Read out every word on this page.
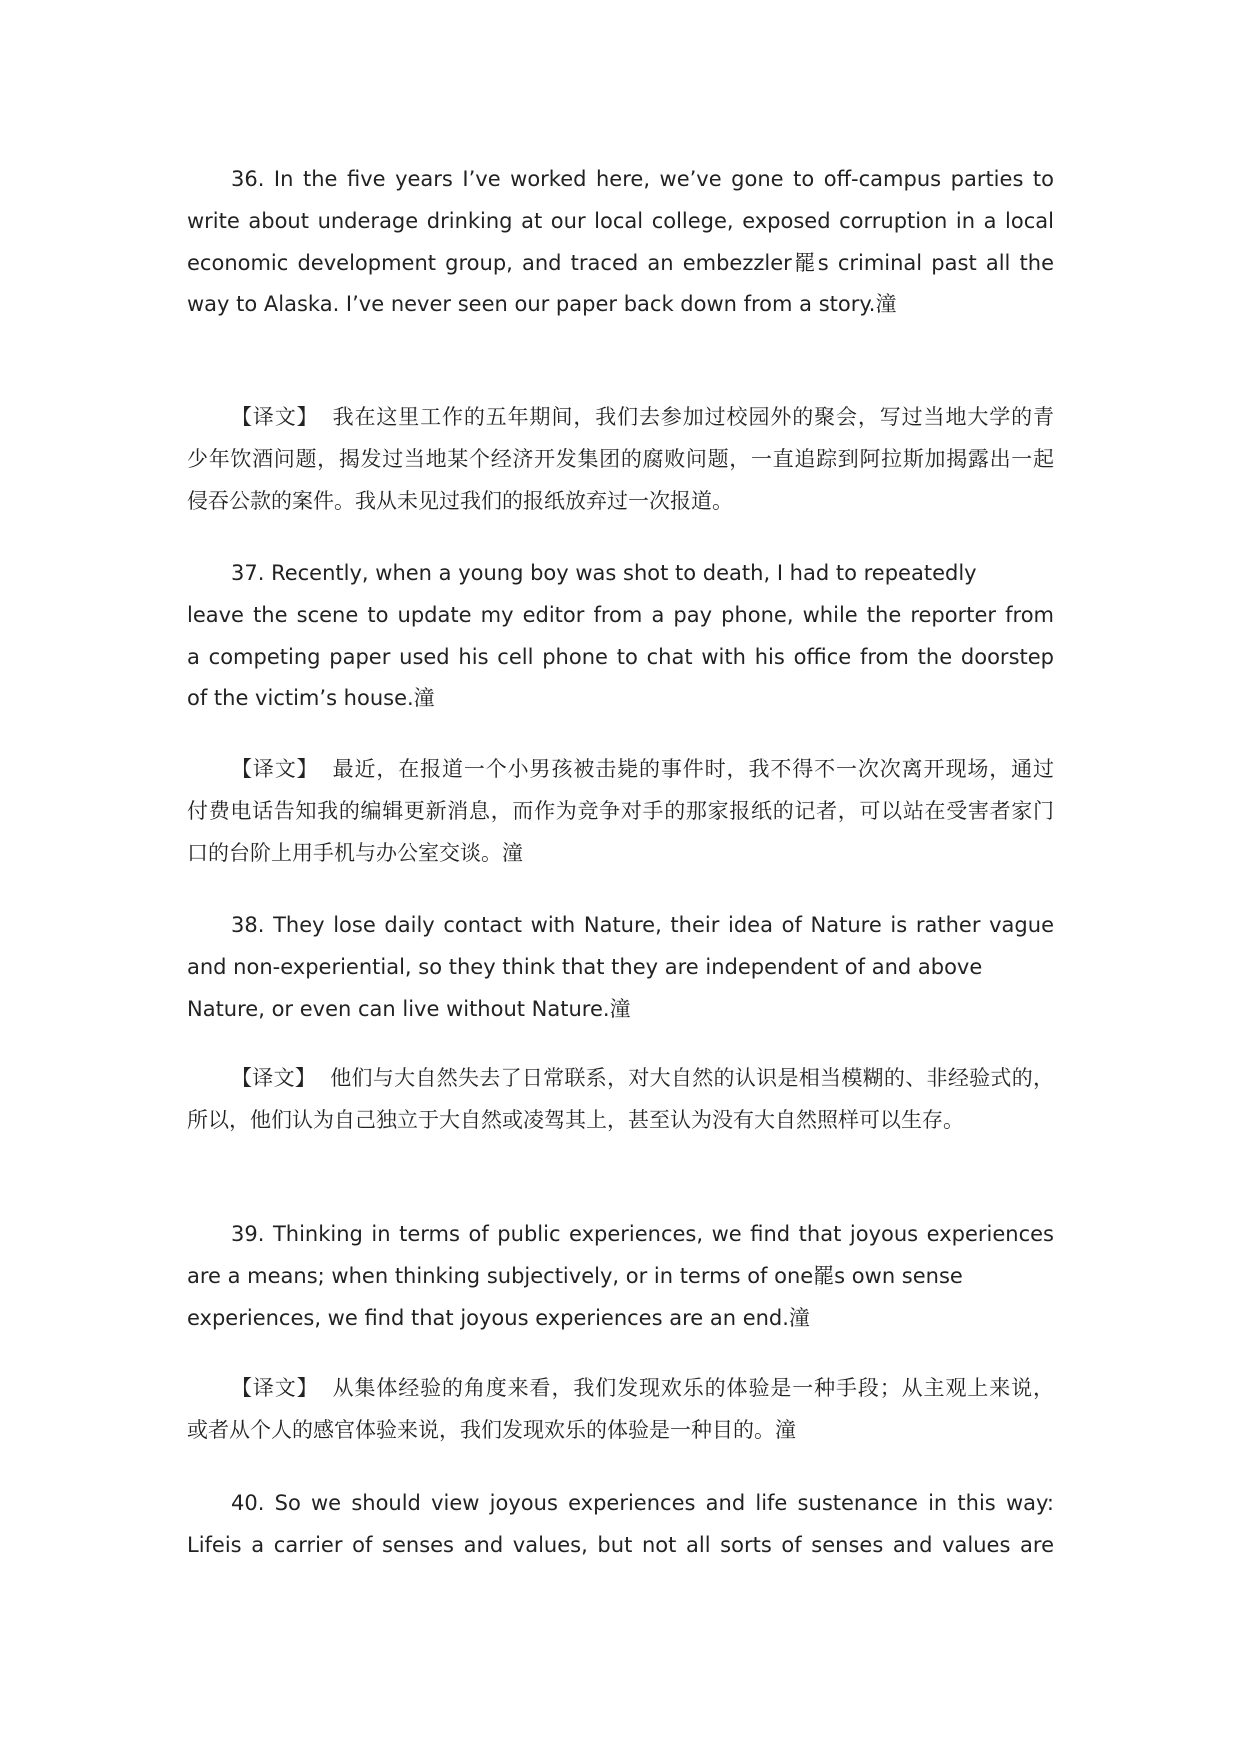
36. In the five years I’ve worked here, we’ve gone to off-campus parties to
write about underage drinking at our local college, exposed corruption in a local
economic development group, and traced an embezzler罷s criminal past all the
way to Alaska. I’ve never seen our paper back down from a story.潼
【译文】 我在这里工作的五年期间，我们去参加过校园外的聚会，写过当地大学的青
少年饮酒问题，揭发过当地某个经济开发集团的腐败问题，一直追踪到阿拉斯加揭露出一起
侵吞公款的案件。我从未见过我们的报纸放弃过一次报道。
37. Recently, when a young boy was shot to death, I had to repeatedly
leave the scene to update my editor from a pay phone, while the reporter from
a competing paper used his cell phone to chat with his office from the doorstep
of the victim’s house.潼
【译文】 最近，在报道一个小男孩被击毙的事件时，我不得不一次次离开现场，通过
付费电话告知我的编辑更新消息，而作为竞争对手的那家报纸的记者，可以站在受害者家门
口的台阶上用手机与办公室交谈。潼
38. They lose daily contact with Nature, their idea of Nature is rather vague
and non-experiential, so they think that they are independent of and above
Nature, or even can live without Nature.潼
【译文】 他们与大自然失去了日常联系，对大自然的认识是相当模糊的、非经验式的，
所以，他们认为自己独立于大自然或凌驾其上，甚至认为没有大自然照样可以生存。
39. Thinking in terms of public experiences, we find that joyous experiences
are a means; when thinking subjectively, or in terms of one罷s own sense
experiences, we find that joyous experiences are an end.潼
【译文】 从集体经验的角度来看，我们发现欢乐的体验是一种手段；从主观上来说，
或者从个人的感官体验来说，我们发现欢乐的体验是一种目的。潼
40. So we should view joyous experiences and life sustenance in this way:
Lifeis a carrier of senses and values, but not all sorts of senses and values are
